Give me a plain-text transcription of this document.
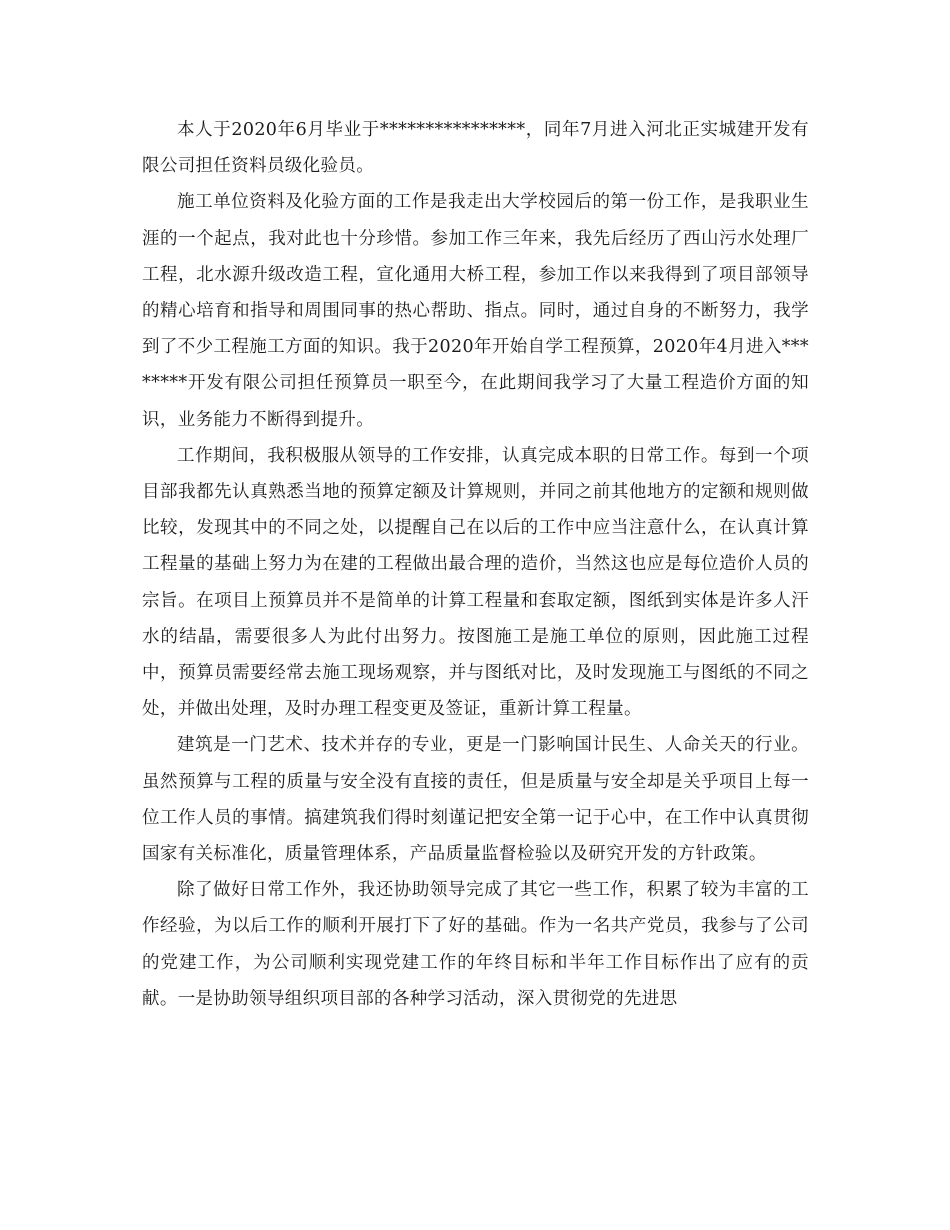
本人于2020年6月毕业于****************，同年7月进入河北正实城建开发有限公司担任资料员级化验员。

施工单位资料及化验方面的工作是我走出大学校园后的第一份工作，是我职业生涯的一个起点，我对此也十分珍惜。参加工作三年来，我先后经历了西山污水处理厂工程，北水源升级改造工程，宣化通用大桥工程，参加工作以来我得到了项目部领导的精心培育和指导和周围同事的热心帮助、指点。同时，通过自身的不断努力，我学到了不少工程施工方面的知识。我于2020年开始自学工程预算，2020年4月进入********开发有限公司担任预算员一职至今，在此期间我学习了大量工程造价方面的知识，业务能力不断得到提升。

工作期间，我积极服从领导的工作安排，认真完成本职的日常工作。每到一个项目部我都先认真熟悉当地的预算定额及计算规则，并同之前其他地方的定额和规则做比较，发现其中的不同之处，以提醒自己在以后的工作中应当注意什么，在认真计算工程量的基础上努力为在建的工程做出最合理的造价，当然这也应是每位造价人员的宗旨。在项目上预算员并不是简单的计算工程量和套取定额，图纸到实体是许多人汗水的结晶，需要很多人为此付出努力。按图施工是施工单位的原则，因此施工过程中，预算员需要经常去施工现场观察，并与图纸对比，及时发现施工与图纸的不同之处，并做出处理，及时办理工程变更及签证，重新计算工程量。

建筑是一门艺术、技术并存的专业，更是一门影响国计民生、人命关天的行业。虽然预算与工程的质量与安全没有直接的责任，但是质量与安全却是关乎项目上每一位工作人员的事情。搞建筑我们得时刻谨记把安全第一记于心中，在工作中认真贯彻国家有关标准化，质量管理体系，产品质量监督检验以及研究开发的方针政策。

除了做好日常工作外，我还协助领导完成了其它一些工作，积累了较为丰富的工作经验，为以后工作的顺利开展打下了好的基础。作为一名共产党员，我参与了公司的党建工作，为公司顺利实现党建工作的年终目标和半年工作目标作出了应有的贡献。一是协助领导组织项目部的各种学习活动，深入贯彻党的先进思
